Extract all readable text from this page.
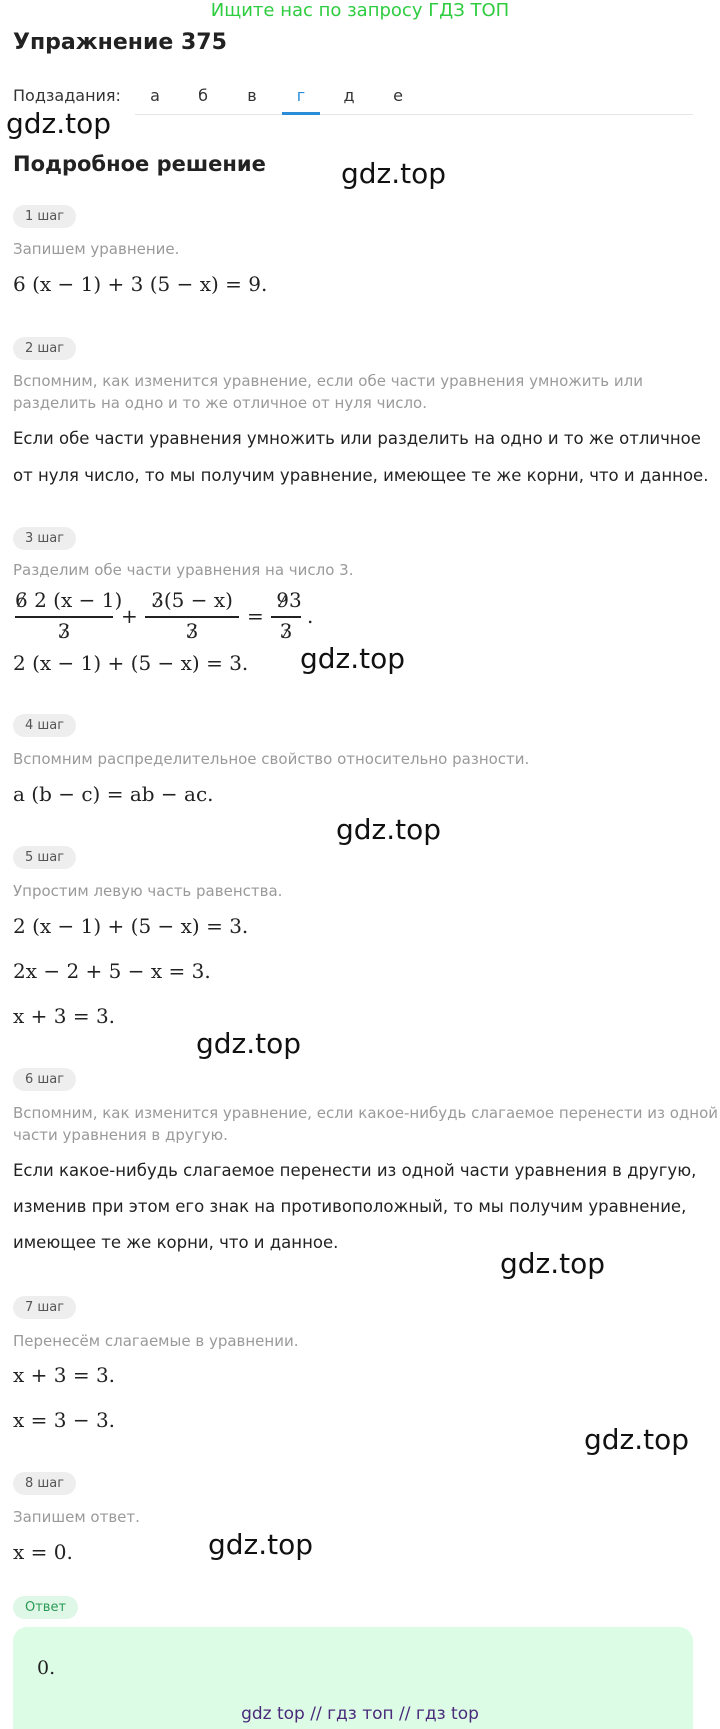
Ищите нас по запросу ГДЗ ТОП
Упражнение 375
Подзадания:	а	б	в	г	д	е
gdz.top
gdz.top
gdz.top
gdz.top
gdz.top
gdz.top
gdz.top
gdz.top
Подробное решение
1 шаг
Запишем уравнение.
6 (x − 1) + 3 (5 − x) = 9.
2 шаг
Вспомним, как изменится уравнение, если обе части уравнения умножить или
разделить на одно и то же отличное от нуля число.
Если обе части уравнения умножить или разделить на одно и то же отличное
от нуля число, то мы получим уравнение, имеющее те же корни, что и данное.
3 шаг
Разделим обе части уравнения на число 3.
6 2 (x − 1)
3
+
3(5 − x)
3
=
93
3
.
2 (x − 1) + (5 − x) = 3.
4 шаг
Вспомним распределительное свойство относительно разности.
a (b − c) = ab − ac.
5 шаг
Упростим левую часть равенства.
2 (x − 1) + (5 − x) = 3.
2x − 2 + 5 − x = 3.
x + 3 = 3.
6 шаг
Вспомним, как изменится уравнение, если какое-нибудь слагаемое перенести из одной
части уравнения в другую.
Если какое-нибудь слагаемое перенести из одной части уравнения в другую,
изменив при этом его знак на противоположный, то мы получим уравнение,
имеющее те же корни, что и данное.
7 шаг
Перенесём слагаемые в уравнении.
x + 3 = 3.
x = 3 − 3.
8 шаг
Запишем ответ.
x = 0.
Ответ
0.
gdz top // гдз топ // гдз top
